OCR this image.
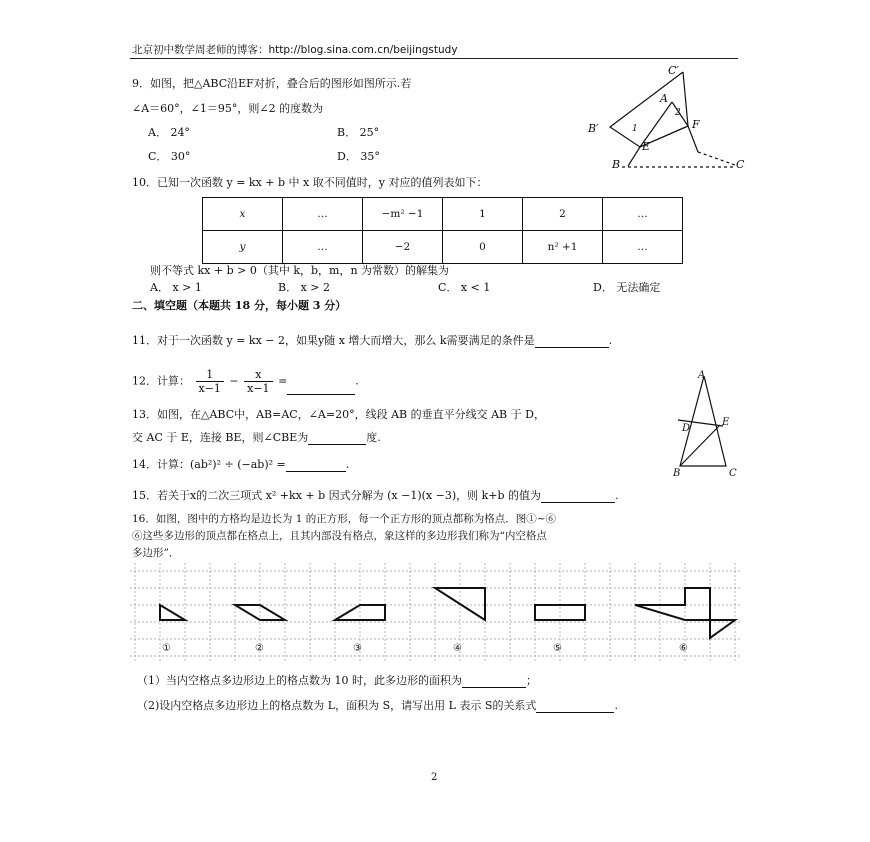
北京初中数学周老师的博客：http://blog.sina.com.cn/beijingstudy
9．如图，把△ABC沿EF对折，叠合后的图形如图所示.若
∠A＝60°，∠1＝95°，则∠2 的度数为
A． 24°	B． 25°
C． 30°	D． 35°
C′
A
2
B′	1	F
E
B	C
10．已知一次函数 y = kx + b 中 x 取不同值时，y 对应的值列表如下：
x	…	−m² −1	1	2	…
y	…	−2	0	n² +1	…
则不等式 kx + b > 0（其中 k，b，m，n 为常数）的解集为
A． x > 1	B． x > 2	C． x < 1	D． 无法确定
二、填空题（本题共 18 分，每小题 3 分）
11．对于一次函数 y = kx − 2，如果y随 x 增大而增大，那么 k需要满足的条件是	.
12．计算： $\frac{1}{x-1} - \frac{x}{x-1}$ =	.
13．如图，在△ABC中，AB=AC，∠A=20°，线段 AB 的垂直平分线交 AB 于 D，
交 AC 于 E，连接 BE，则∠CBE为	度.
A
D
E
B	C
14．计算：(ab²)² ÷ (−ab)² =	.
15．若关于x的二次三项式 x² +kx + b 因式分解为 (x −1)(x −3)，则 k+b 的值为	.
16．如图，图中的方格均是边长为 1 的正方形，每一个正方形的顶点都称为格点．图①~⑥
⑥这些多边形的顶点都在格点上，且其内部没有格点，象这样的多边形我们称为“内空格点
多边形”．
①	②	③	④	⑤	⑥
（1）当内空格点多边形边上的格点数为 10 时，此多边形的面积为	；
（2)设内空格点多边形边上的格点数为 L，面积为 S，请写出用 L 表示 S的关系式	.
2
